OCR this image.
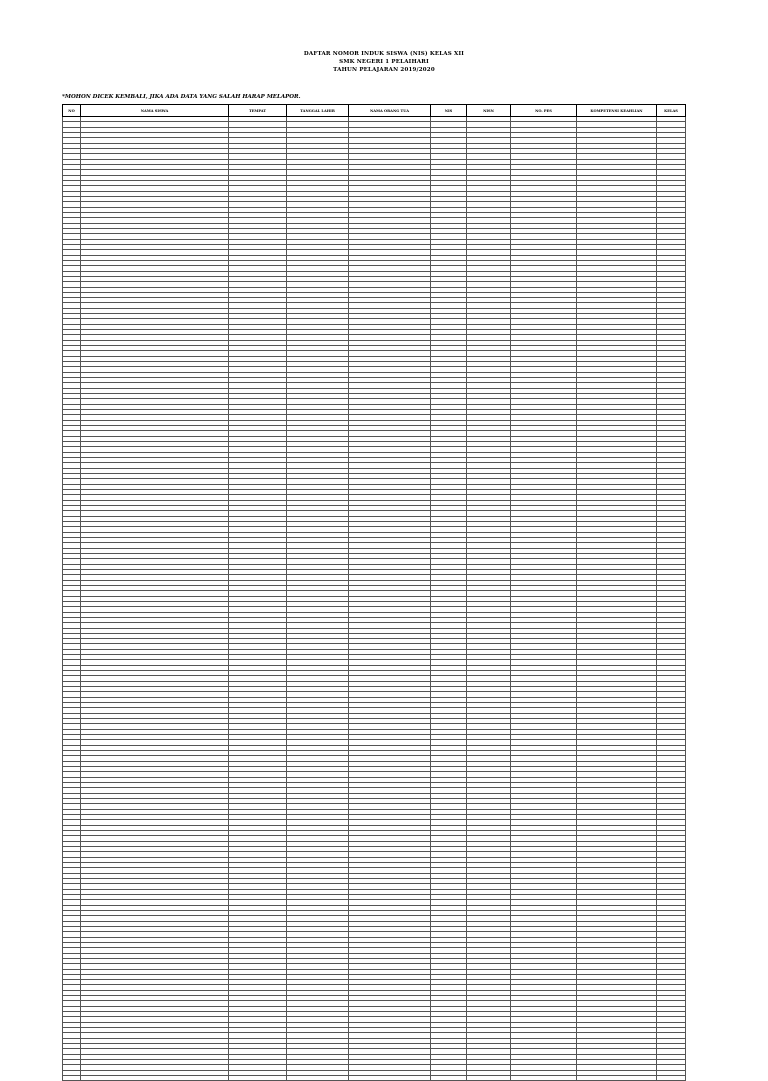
DAFTAR NOMOR INDUK SISWA (NIS) KELAS XII
SMK NEGERI 1 PELAIHARI
TAHUN PELAJARAN 2019/2020
*MOHON DICEK KEMBALI, JIKA ADA DATA YANG SALAH HARAP MELAPOR.
NO	NAMA SISWA	TEMPAT	TANGGAL LAHIR	NAMA ORANG TUA	NIS	NISN	NO. PES	KOMPETENSI KEAHLIAN	KELAS
